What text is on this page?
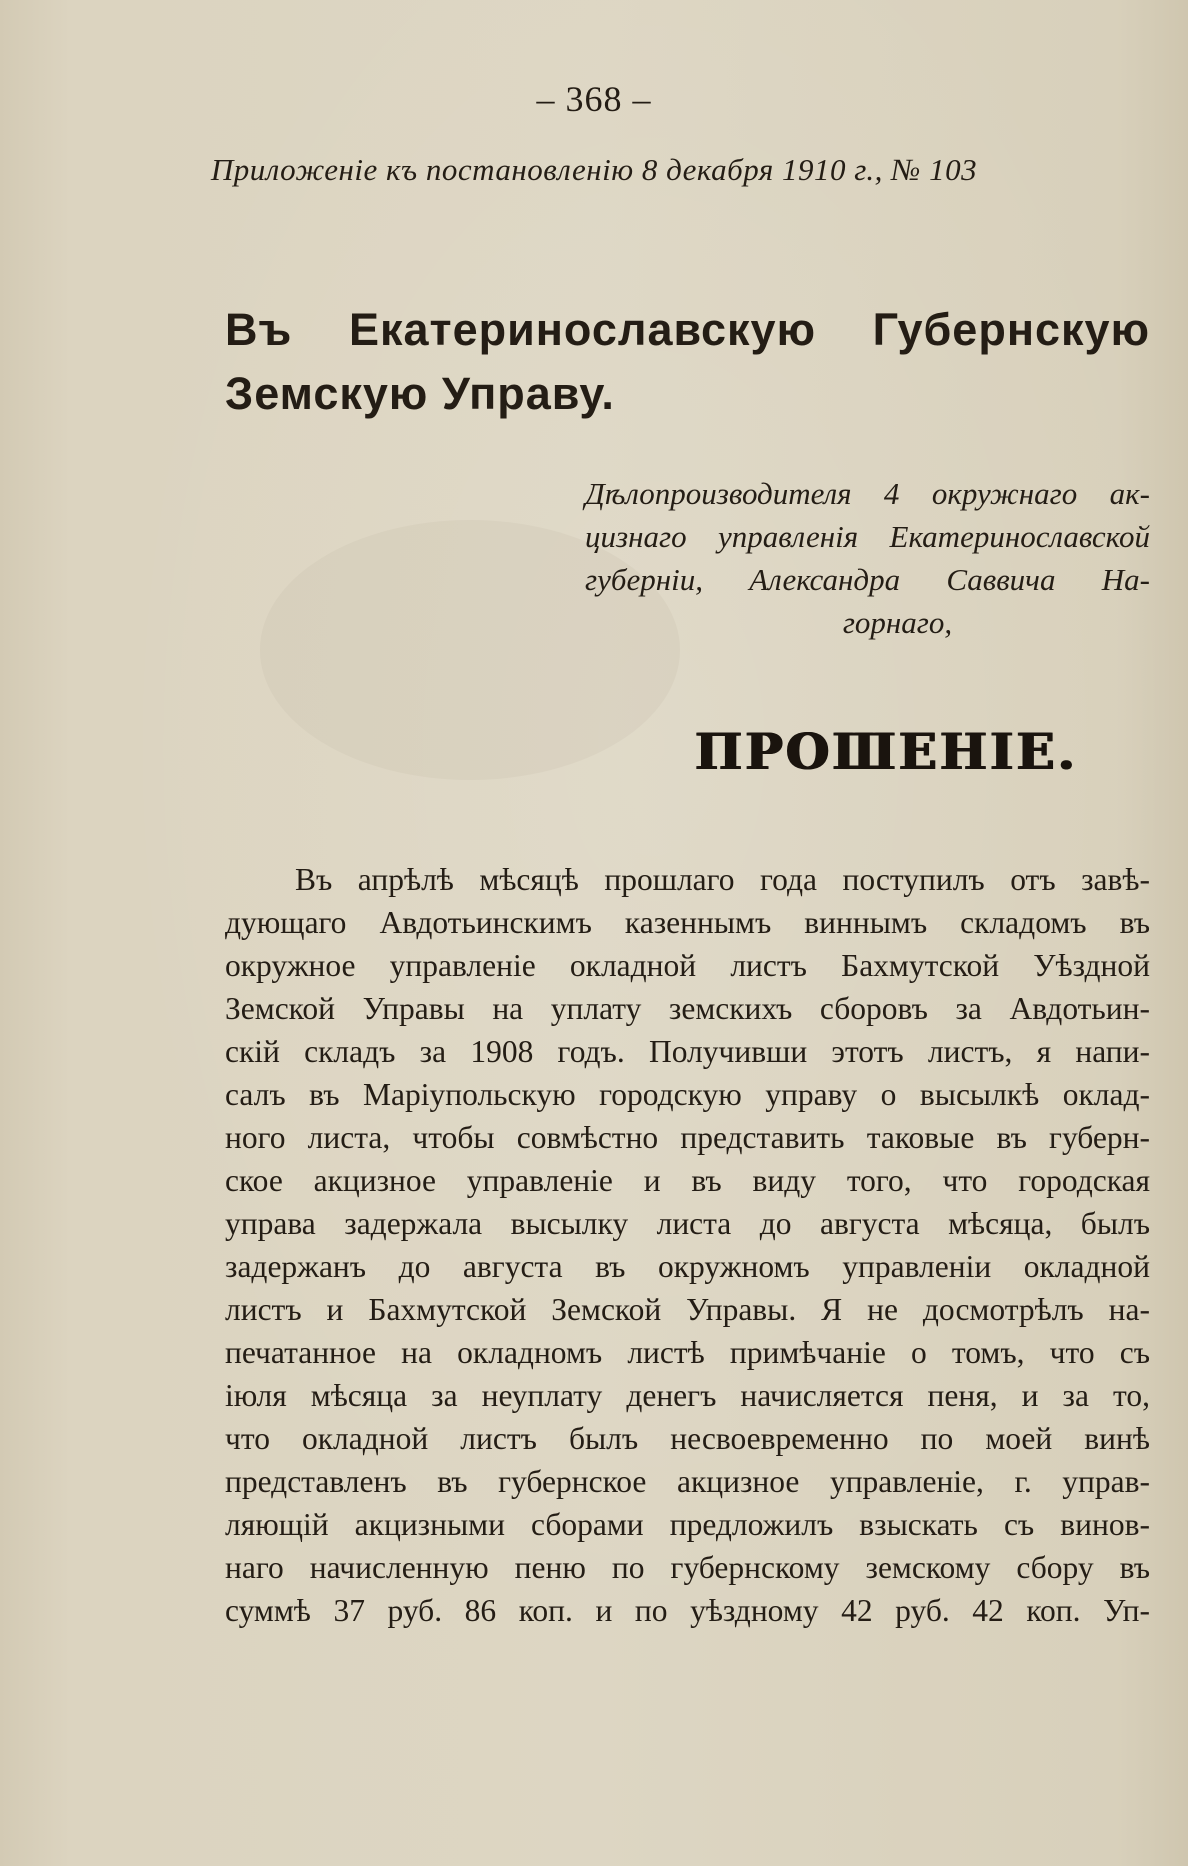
– 368 –
Приложеніе къ постановленію 8 декабря 1910 г., № 103
Въ Екатеринославскую Губернскую Земскую Управу.
Дѣлопроизводителя 4 окружнаго ак-
цизнаго управленія Екатеринославской
губерніи, Александра Саввича На-
горнаго,
ПРОШЕНІЕ.
Въ апрѣлѣ мѣсяцѣ прошлаго года поступилъ отъ завѣ-
дующаго Авдотьинскимъ казеннымъ виннымъ складомъ въ
окружное управленіе окладной листъ Бахмутской Уѣздной
Земской Управы на уплату земскихъ сборовъ за Авдотьин-
скій складъ за 1908 годъ. Получивши этотъ листъ, я напи-
салъ въ Маріупольскую городскую управу о высылкѣ оклад-
ного листа, чтобы совмѣстно представить таковые въ губерн-
ское акцизное управленіе и въ виду того, что городская
управа задержала высылку листа до августа мѣсяца, былъ
задержанъ до августа въ окружномъ управленіи окладной
листъ и Бахмутской Земской Управы. Я не досмотрѣлъ на-
печатанное на окладномъ листѣ примѣчаніе о томъ, что съ
іюля мѣсяца за неуплату денегъ начисляется пеня, и за то,
что окладной листъ былъ несвоевременно по моей винѣ
представленъ въ губернское акцизное управленіе, г. управ-
ляющій акцизными сборами предложилъ взыскать съ винов-
наго начисленную пеню по губернскому земскому сбору въ
суммѣ 37 руб. 86 коп. и по уѣздному 42 руб. 42 коп. Уп-
